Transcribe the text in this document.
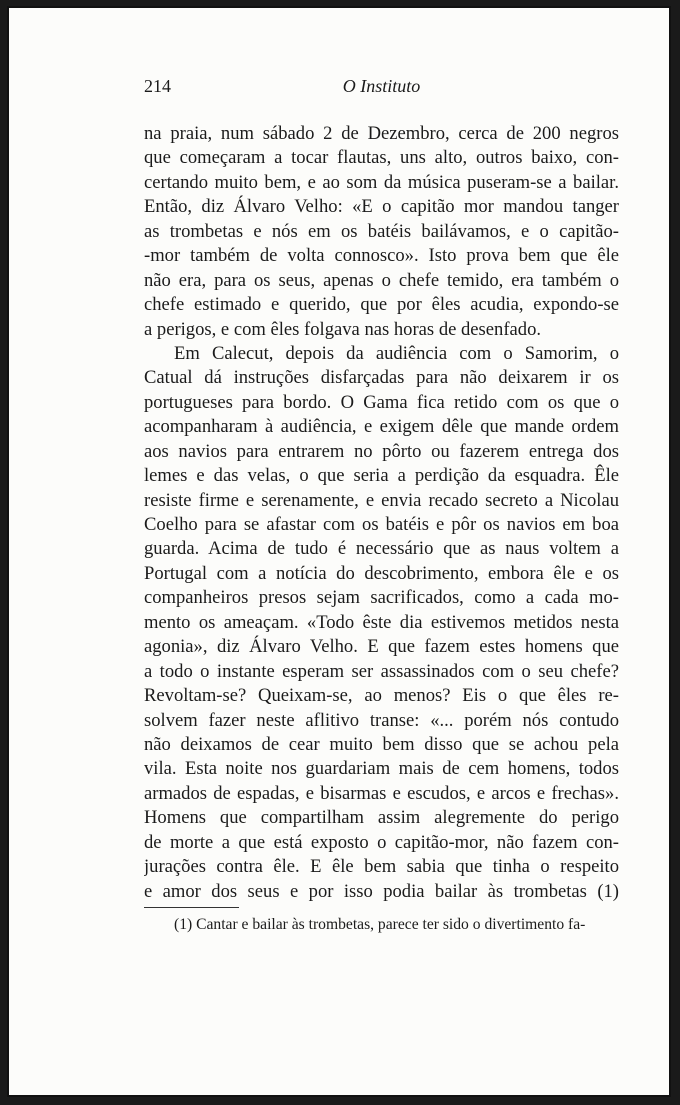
214	O Instituto
na praia, num sábado 2 de Dezembro, cerca de 200 negros
que começaram a tocar flautas, uns alto, outros baixo, con-
certando muito bem, e ao som da música puseram-se a bailar.
Então, diz Álvaro Velho: «E o capitão mor mandou tanger
as trombetas e nós em os batéis bailávamos, e o capitão-
-mor também de volta connosco». Isto prova bem que êle
não era, para os seus, apenas o chefe temido, era também o
chefe estimado e querido, que por êles acudia, expondo-se
a perigos, e com êles folgava nas horas de desenfado.
Em Calecut, depois da audiência com o Samorim, o
Catual dá instruções disfarçadas para não deixarem ir os
portugueses para bordo. O Gama fica retido com os que o
acompanharam à audiência, e exigem dêle que mande ordem
aos navios para entrarem no pôrto ou fazerem entrega dos
lemes e das velas, o que seria a perdição da esquadra. Êle
resiste firme e serenamente, e envia recado secreto a Nicolau
Coelho para se afastar com os batéis e pôr os navios em boa
guarda. Acima de tudo é necessário que as naus voltem a
Portugal com a notícia do descobrimento, embora êle e os
companheiros presos sejam sacrificados, como a cada mo-
mento os ameaçam. «Todo êste dia estivemos metidos nesta
agonia», diz Álvaro Velho. E que fazem estes homens que
a todo o instante esperam ser assassinados com o seu chefe?
Revoltam-se? Queixam-se, ao menos? Eis o que êles re-
solvem fazer neste aflitivo transe: «... porém nós contudo
não deixamos de cear muito bem disso que se achou pela
vila. Esta noite nos guardariam mais de cem homens, todos
armados de espadas, e bisarmas e escudos, e arcos e frechas».
Homens que compartilham assim alegremente do perigo
de morte a que está exposto o capitão-mor, não fazem con-
jurações contra êle. E êle bem sabia que tinha o respeito
e amor dos seus e por isso podia bailar às trombetas (1)
(1) Cantar e bailar às trombetas, parece ter sido o divertimento fa-
